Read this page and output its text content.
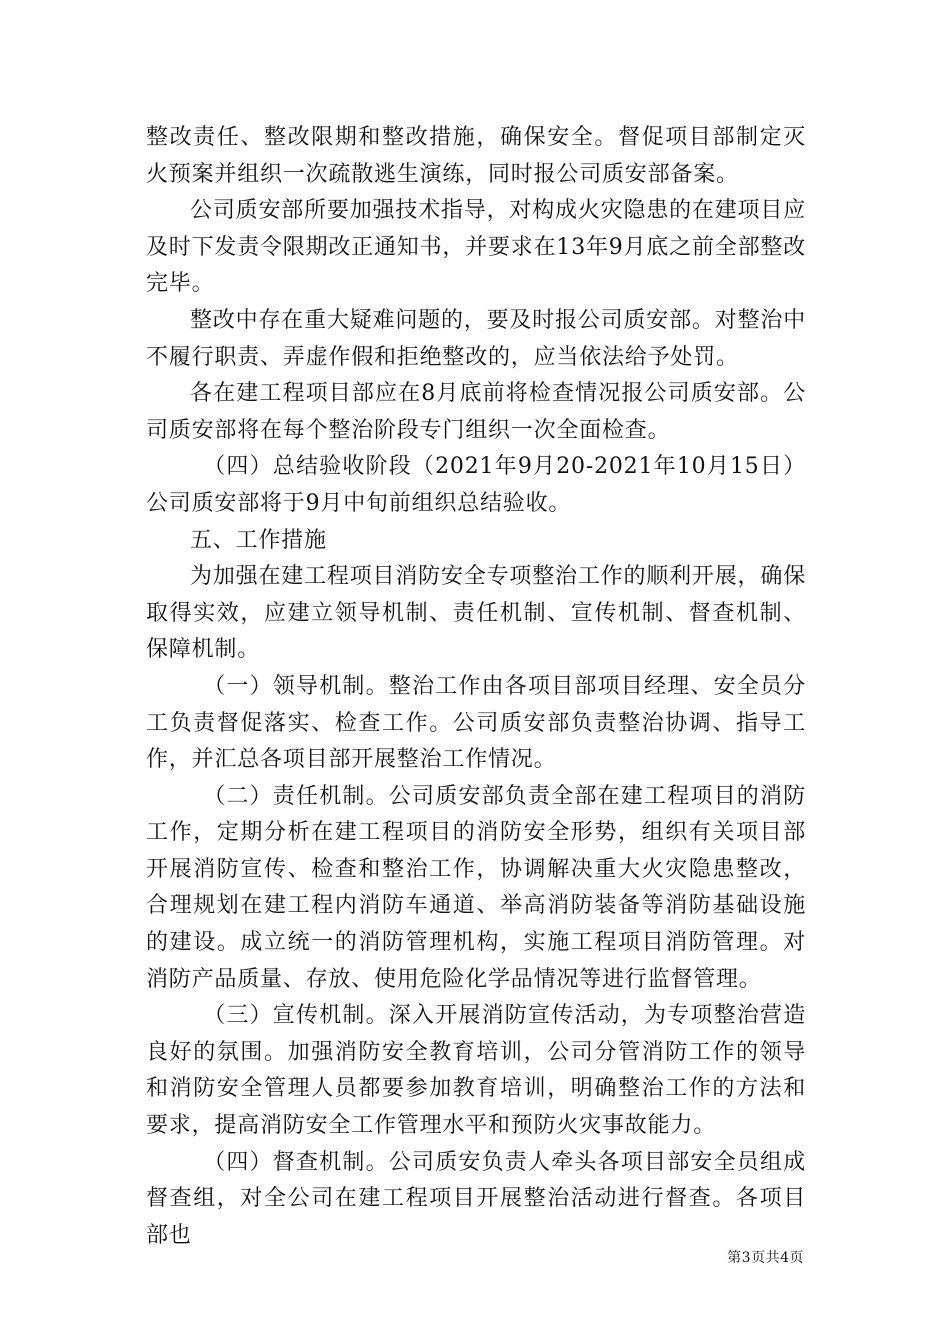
整改责任、整改限期和整改措施，确保安全。督促项目部制定灭火预案并组织一次疏散逃生演练，同时报公司质安部备案。

公司质安部所要加强技术指导，对构成火灾隐患的在建项目应及时下发责令限期改正通知书，并要求在13年9月底之前全部整改完毕。

整改中存在重大疑难问题的，要及时报公司质安部。对整治中不履行职责、弄虚作假和拒绝整改的，应当依法给予处罚。

各在建工程项目部应在8月底前将检查情况报公司质安部。公司质安部将在每个整治阶段专门组织一次全面检查。

（四）总结验收阶段（2021年9月20-2021年10月15日）公司质安部将于9月中旬前组织总结验收。

五、工作措施

为加强在建工程项目消防安全专项整治工作的顺利开展，确保取得实效，应建立领导机制、责任机制、宣传机制、督查机制、保障机制。

（一）领导机制。整治工作由各项目部项目经理、安全员分工负责督促落实、检查工作。公司质安部负责整治协调、指导工作，并汇总各项目部开展整治工作情况。

（二）责任机制。公司质安部负责全部在建工程项目的消防工作，定期分析在建工程项目的消防安全形势，组织有关项目部开展消防宣传、检查和整治工作，协调解决重大火灾隐患整改，合理规划在建工程内消防车通道、举高消防装备等消防基础设施的建设。成立统一的消防管理机构，实施工程项目消防管理。对消防产品质量、存放、使用危险化学品情况等进行监督管理。

（三）宣传机制。深入开展消防宣传活动，为专项整治营造良好的氛围。加强消防安全教育培训，公司分管消防工作的领导和消防安全管理人员都要参加教育培训，明确整治工作的方法和要求，提高消防安全工作管理水平和预防火灾事故能力。

（四）督查机制。公司质安负责人牵头各项目部安全员组成督查组，对全公司在建工程项目开展整治活动进行督查。各项目部也

第3页共4页
